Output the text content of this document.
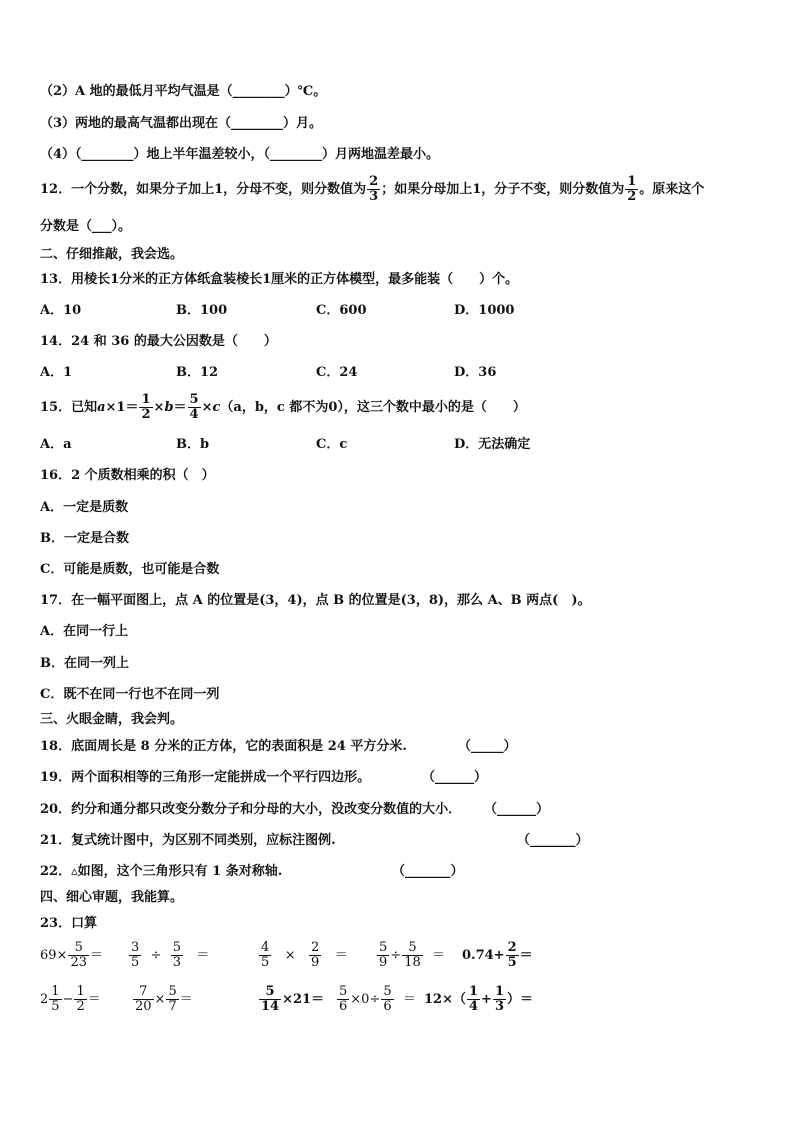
（2）A 地的最低月平均气温是（________）℃。
（3）两地的最高气温都出现在（________）月。
（4）（________）地上半年温差较小，（________）月两地温差最小。
12．一个分数，如果分子加上1，分母不变，则分数值为 $\frac{2}{3}$ ；如果分母加上1，分子不变，则分数值为 $\frac{1}{2}$ 。原来这个
分数是（___）。
二、仔细推敲，我会选。
13．用棱长1分米的正方体纸盒装棱长1厘米的正方体模型，最多能装（　　）个。
A．10	B．100	C．600	D．1000
14．24 和 36 的最大公因数是（　　）
A．1	B．12	C．24	D．36
15．已知$a\times 1= \frac{1}{2} \times b= \frac{5}{4} \times c(a$，b，c 都不为0），这三个数中最小的是（　　）
A．a	B．b	C．c	D．无法确定
16．2 个质数相乘的积（　）
A．一定是质数
B．一定是合数
C．可能是质数，也可能是合数
17．在一幅平面图上，点 A 的位置是(3，4)，点 B 的位置是(3，8)，那么 A、B 两点(　)。
A．在同一行上
B．在同一列上
C．既不在同一行也不在同一列
三、火眼金睛，我会判。
18．底面周长是 8 分米的正方体，它的表面积是 24 平方分米.	（_____）
19．两个面积相等的三角形一定能拼成一个平行四边形。	（______）
20．约分和通分都只改变分数分子和分母的大小，没改变分数值的大小． （______）
21．复式统计图中，为区别不同类别，应标注图例.	（_______）
22．▵如图，这个三角形只有 1 条对称轴.	（_______）
四、细心审题，我能算。
23．口算
$69\times \frac{5}{23} = \frac{3}{5} \div \frac{5}{3}$ ＝	$\frac{4}{5} \times \frac{2}{9} = \frac{5}{9} \div \frac{5}{18} = 0.74+ \frac{2}{5}$ ＝
$2 \frac{1}{5} - \frac{1}{2} = \frac{7}{20} \times \frac{5}{7}$ ＝	$\frac{5}{14} \times 21= \frac{5}{6} \times 0\div \frac{5}{6} = 12\times( \frac{1}{4} + \frac{1}{3}$ ）＝
